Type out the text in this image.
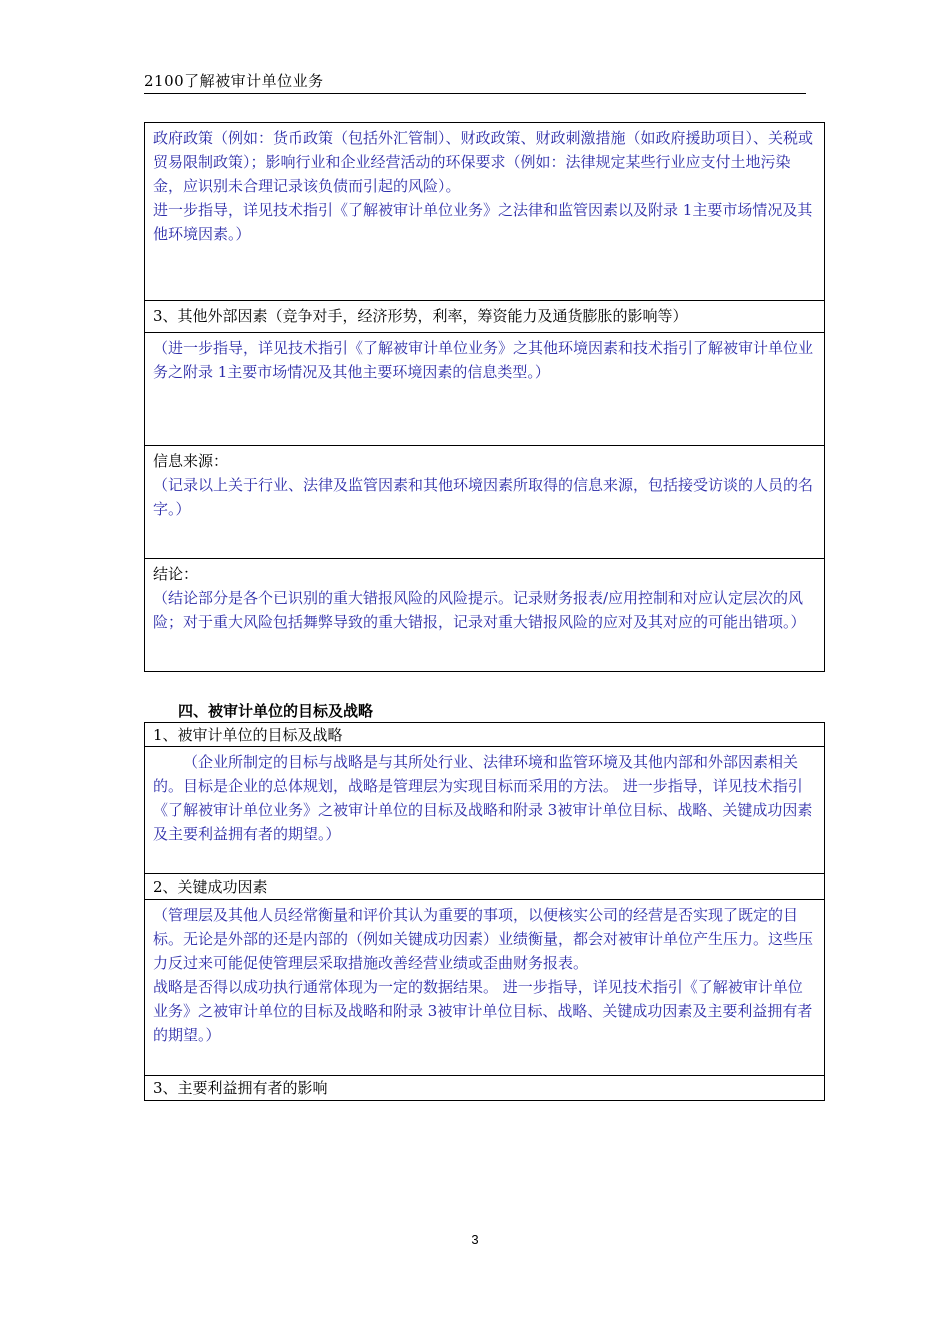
2100了解被审计单位业务

政府政策（例如：货币政策（包括外汇管制）、财政政策、财政刺激措施（如政府援助项目）、关税或贸易限制政策）；影响行业和企业经营活动的环保要求（例如：法律规定某些行业应支付土地污染金，应识别未合理记录该负债而引起的风险）。

进一步指导，详见技术指引《了解被审计单位业务》之法律和监管因素以及附录 1主要市场情况及其他环境因素。）

3、其他外部因素（竞争对手，经济形势，利率，筹资能力及通货膨胀的影响等）

（进一步指导，详见技术指引《了解被审计单位业务》之其他环境因素和技术指引了解被审计单位业务之附录 1主要市场情况及其他主要环境因素的信息类型。）

信息来源：

（记录以上关于行业、法律及监管因素和其他环境因素所取得的信息来源，包括接受访谈的人员的名字。）

结论：

（结论部分是各个已识别的重大错报风险的风险提示。记录财务报表/应用控制和对应认定层次的风险；对于重大风险包括舞弊导致的重大错报，记录对重大错报风险的应对及其对应的可能出错项。）

四、被审计单位的目标及战略

1、被审计单位的目标及战略

（企业所制定的目标与战略是与其所处行业、法律环境和监管环境及其他内部和外部因素相关的。目标是企业的总体规划，战略是管理层为实现目标而采用的方法。 进一步指导，详见技术指引《了解被审计单位业务》之被审计单位的目标及战略和附录 3被审计单位目标、战略、关键成功因素及主要利益拥有者的期望。）

2、关键成功因素

（管理层及其他人员经常衡量和评价其认为重要的事项，以便核实公司的经营是否实现了既定的目标。无论是外部的还是内部的（例如关键成功因素）业绩衡量，都会对被审计单位产生压力。这些压力反过来可能促使管理层采取措施改善经营业绩或歪曲财务报表。

战略是否得以成功执行通常体现为一定的数据结果。 进一步指导，详见技术指引《了解被审计单位业务》之被审计单位的目标及战略和附录 3被审计单位目标、战略、关键成功因素及主要利益拥有者的期望。）

3、主要利益拥有者的影响

3
